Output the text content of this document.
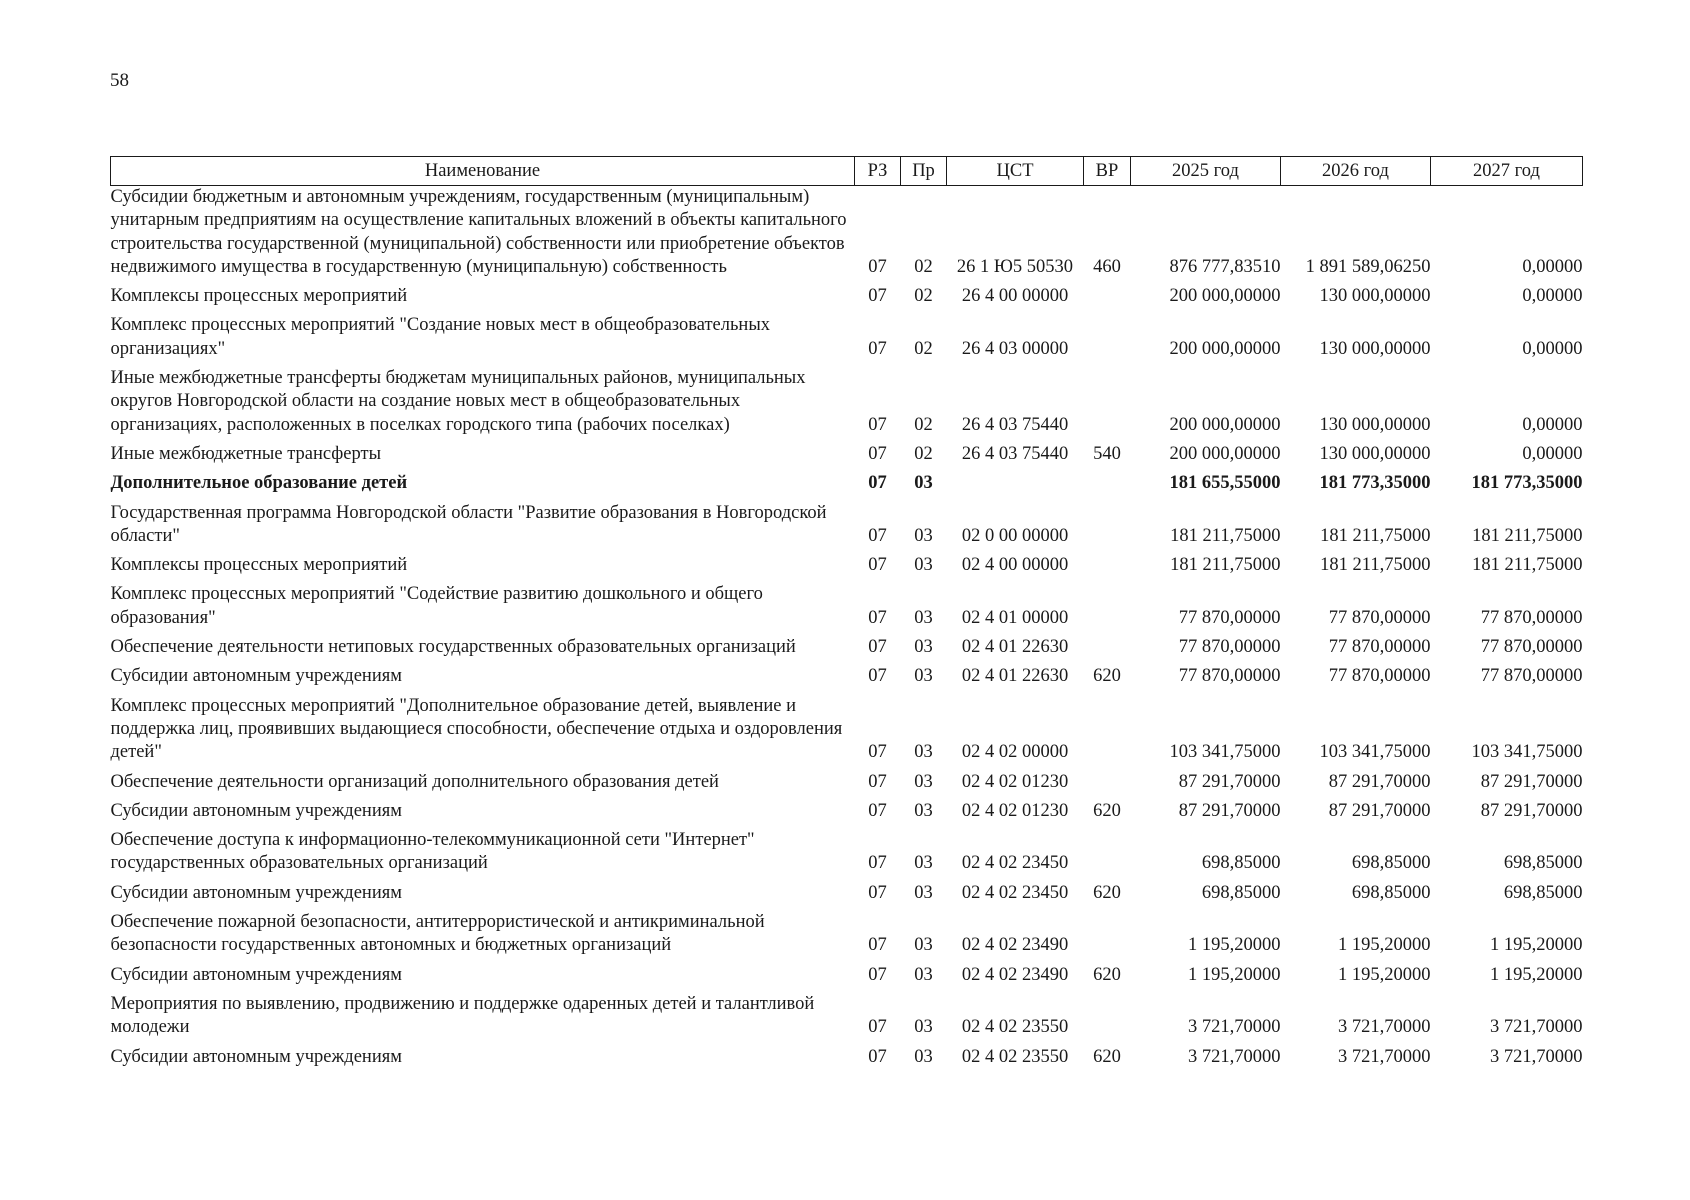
58
Наименование	РЗ	Пр	ЦСТ	ВР	2025 год	2026 год	2027 год
Субсидии бюджетным и автономным учреждениям, государственным (муниципальным) унитарным предприятиям на осуществление капитальных вложений в объекты капитального строительства государственной (муниципальной) собственности или приобретение объектов недвижимого имущества в государственную (муниципальную) собственность	07	02	26 1 Ю5 50530	460	876 777,83510	1 891 589,06250	0,00000
Комплексы процессных мероприятий	07	02	26 4 00 00000		200 000,00000	130 000,00000	0,00000
Комплекс процессных мероприятий "Создание новых мест в общеобразовательных организациях"	07	02	26 4 03 00000		200 000,00000	130 000,00000	0,00000
Иные межбюджетные трансферты бюджетам муниципальных районов, муниципальных округов Новгородской области на создание новых мест в общеобразовательных организациях, расположенных в поселках городского типа (рабочих поселках)	07	02	26 4 03 75440		200 000,00000	130 000,00000	0,00000
Иные межбюджетные трансферты	07	02	26 4 03 75440	540	200 000,00000	130 000,00000	0,00000
Дополнительное образование детей	07	03			181 655,55000	181 773,35000	181 773,35000
Государственная программа Новгородской области "Развитие образования в Новгородской области"	07	03	02 0 00 00000		181 211,75000	181 211,75000	181 211,75000
Комплексы процессных мероприятий	07	03	02 4 00 00000		181 211,75000	181 211,75000	181 211,75000
Комплекс процессных мероприятий "Содействие развитию дошкольного и общего образования"	07	03	02 4 01 00000		77 870,00000	77 870,00000	77 870,00000
Обеспечение деятельности нетиповых государственных образовательных организаций	07	03	02 4 01 22630		77 870,00000	77 870,00000	77 870,00000
Субсидии автономным учреждениям	07	03	02 4 01 22630	620	77 870,00000	77 870,00000	77 870,00000
Комплекс процессных мероприятий "Дополнительное образование детей, выявление и поддержка лиц, проявивших выдающиеся способности, обеспечение отдыха и оздоровления детей"	07	03	02 4 02 00000		103 341,75000	103 341,75000	103 341,75000
Обеспечение деятельности организаций дополнительного образования детей	07	03	02 4 02 01230		87 291,70000	87 291,70000	87 291,70000
Субсидии автономным учреждениям	07	03	02 4 02 01230	620	87 291,70000	87 291,70000	87 291,70000
Обеспечение доступа к информационно-телекоммуникационной сети "Интернет" государственных образовательных организаций	07	03	02 4 02 23450		698,85000	698,85000	698,85000
Субсидии автономным учреждениям	07	03	02 4 02 23450	620	698,85000	698,85000	698,85000
Обеспечение пожарной безопасности, антитеррористической и антикриминальной безопасности государственных автономных и бюджетных организаций	07	03	02 4 02 23490		1 195,20000	1 195,20000	1 195,20000
Субсидии автономным учреждениям	07	03	02 4 02 23490	620	1 195,20000	1 195,20000	1 195,20000
Мероприятия по выявлению, продвижению и поддержке одаренных детей и талантливой молодежи	07	03	02 4 02 23550		3 721,70000	3 721,70000	3 721,70000
Субсидии автономным учреждениям	07	03	02 4 02 23550	620	3 721,70000	3 721,70000	3 721,70000
